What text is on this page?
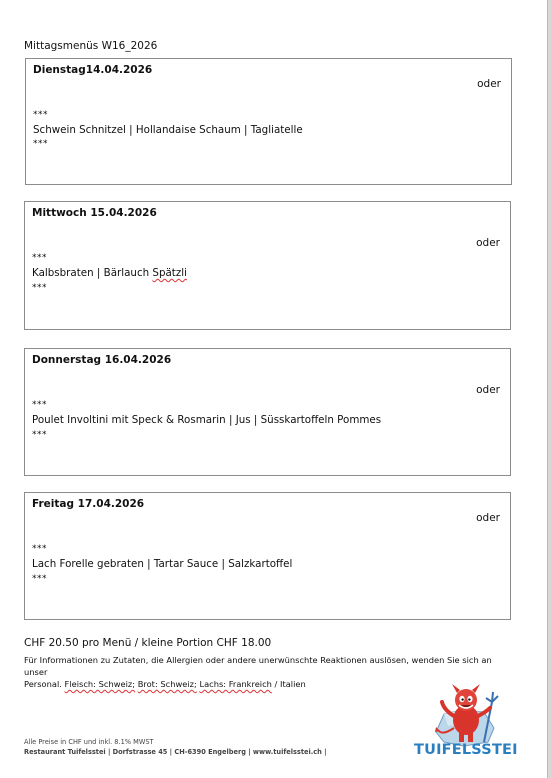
Mittagsmenüs W16_2026
Dienstag14.04.2026
oder
***
Schwein Schnitzel | Hollandaise Schaum | Tagliatelle
***
Mittwoch 15.04.2026
oder
***
Kalbsbraten | Bärlauch Spätzli
***
Donnerstag 16.04.2026
oder
***
Poulet Involtini mit Speck & Rosmarin | Jus | Süsskartoffeln Pommes
***
Freitag 17.04.2026
oder
***
Lach Forelle gebraten | Tartar Sauce | Salzkartoffel
***
CHF 20.50 pro Menü / kleine Portion CHF 18.00
Für Informationen zu Zutaten, die Allergien oder andere unerwünschte Reaktionen auslösen, wenden Sie sich an unser
Personal. Fleisch: Schweiz; Brot: Schweiz; Lachs: Frankreich / Italien
Alle Preise in CHF und inkl. 8.1% MWST
Restaurant Tuifelsstei | Dorfstrasse 45 | CH-6390 Engelberg | www.tuifelsstei.ch |	TUIFELSSTEI
